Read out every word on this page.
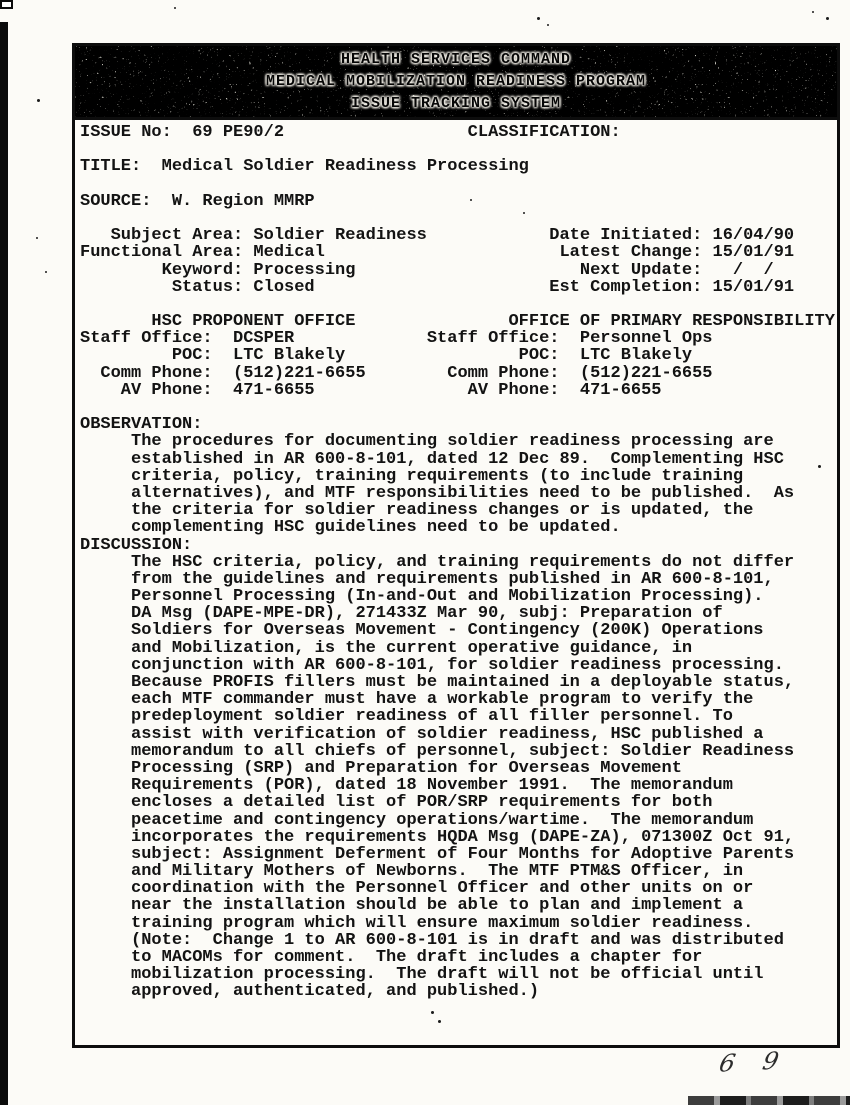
HEALTH SERVICES COMMAND
MEDICAL MOBILIZATION READINESS PROGRAM
ISSUE TRACKING SYSTEM
ISSUE No:  69 PE90/2                  CLASSIFICATION:

TITLE:  Medical Soldier Readiness Processing

SOURCE:  W. Region MMRP

Subject Area: Soldier Readiness            Date Initiated: 16/04/90
Functional Area: Medical                       Latest Change: 15/01/91
Keyword: Processing                      Next Update:   /  /
Status: Closed                       Est Completion: 15/01/91

HSC PROPONENT OFFICE               OFFICE OF PRIMARY RESPONSIBILITY
Staff Office:  DCSPER             Staff Office:  Personnel Ops
POC:  LTC Blakely                 POC:  LTC Blakely
Comm Phone:  (512)221-6655        Comm Phone:  (512)221-6655
AV Phone:  471-6655               AV Phone:  471-6655

OBSERVATION:
The procedures for documenting soldier readiness processing are
established in AR 600-8-101, dated 12 Dec 89.  Complementing HSC
criteria, policy, training requirements (to include training
alternatives), and MTF responsibilities need to be published.  As
the criteria for soldier readiness changes or is updated, the
complementing HSC guidelines need to be updated.
DISCUSSION:
The HSC criteria, policy, and training requirements do not differ
from the guidelines and requirements published in AR 600-8-101,
Personnel Processing (In-and-Out and Mobilization Processing).
DA Msg (DAPE-MPE-DR), 271433Z Mar 90, subj: Preparation of
Soldiers for Overseas Movement - Contingency (200K) Operations
and Mobilization, is the current operative guidance, in
conjunction with AR 600-8-101, for soldier readiness processing.
Because PROFIS fillers must be maintained in a deployable status,
each MTF commander must have a workable program to verify the
predeployment soldier readiness of all filler personnel. To
assist with verification of soldier readiness, HSC published a
memorandum to all chiefs of personnel, subject: Soldier Readiness
Processing (SRP) and Preparation for Overseas Movement
Requirements (POR), dated 18 November 1991.  The memorandum
encloses a detailed list of POR/SRP requirements for both
peacetime and contingency operations/wartime.  The memorandum
incorporates the requirements HQDA Msg (DAPE-ZA), 071300Z Oct 91,
subject: Assignment Deferment of Four Months for Adoptive Parents
and Military Mothers of Newborns.  The MTF PTM&S Officer, in
coordination with the Personnel Officer and other units on or
near the installation should be able to plan and implement a
training program which will ensure maximum soldier readiness.
(Note:  Change 1 to AR 600-8-101 is in draft and was distributed
to MACOMs for comment.  The draft includes a chapter for
mobilization processing.  The draft will not be official until
approved, authenticated, and published.)
6 9
